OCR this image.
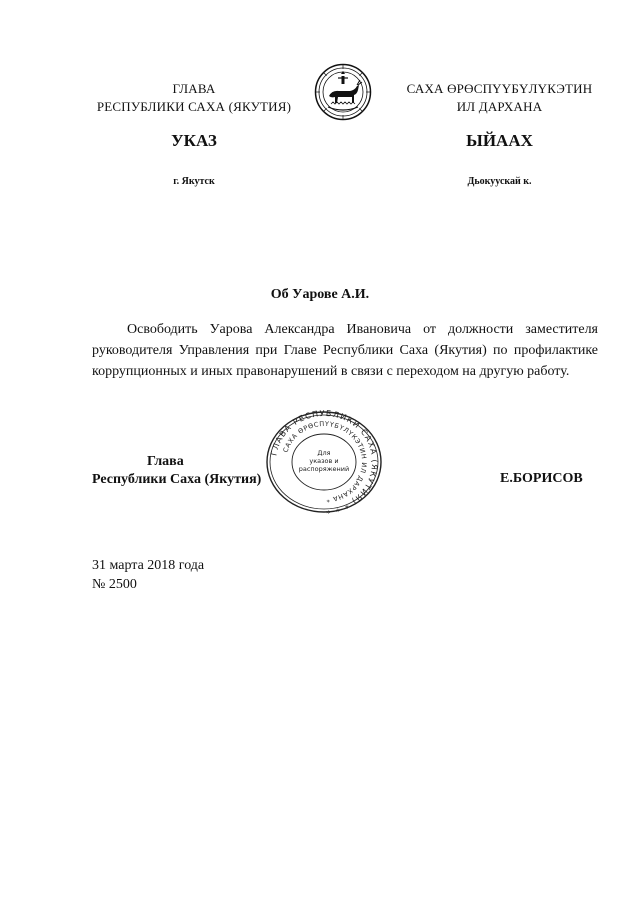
ГЛАВА
РЕСПУБЛИКИ САХА (ЯКУТИЯ)
САХА ӨРӨСПҮҮБҮЛҮКЭТИН
ИЛ ДАРХАНА
УКАЗ	ЫЙААХ
г. Якутск	Дьокуускай к.
Об Уарове А.И.

Освободить Уарова Александра Ивановича от должности заместителя руководителя Управления при Главе Республики Саха (Якутия) по профилактике коррупционных и иных правонарушений в связи с переходом на другую работу.

ГЛАВА РЕСПУБЛИКИ САХА (ЯКУТИЯ) * * *
САХА ӨРӨСПҮҮБҮЛҮКЭТИН ИЛ ДАРХАНА *
Для
указов и
распоряжений
Глава
Республики Саха (Якутия)	Е.БОРИСОВ
31 марта 2018 года
№ 2500
